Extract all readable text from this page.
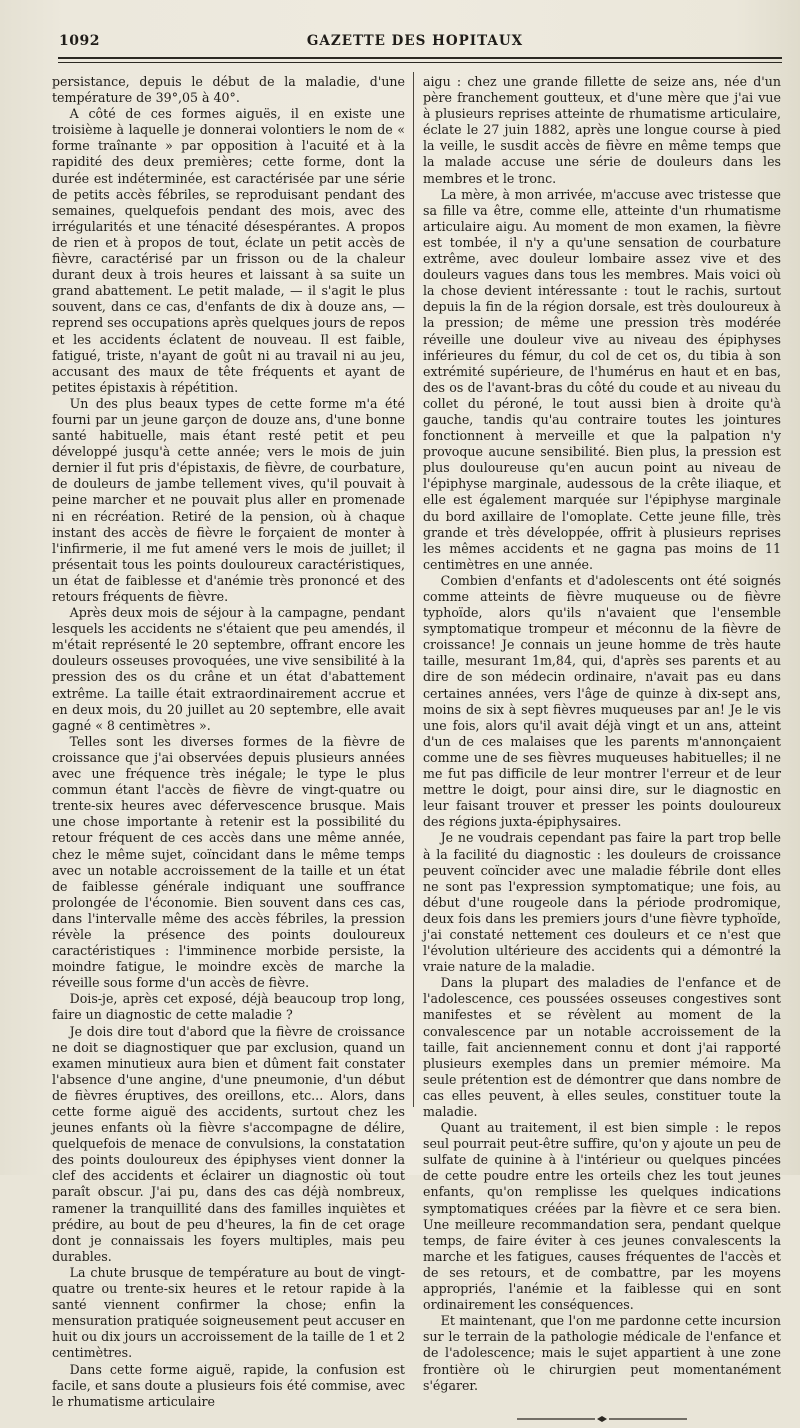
1092	GAZETTE DES HOPITAUX

persistance, depuis le début de la maladie, d'une température de 39°,05 à 40°.

A côté de ces formes aiguës, il en existe une troisième à laquelle je donnerai volontiers le nom de « forme traînante » par opposition à l'acuité et à la rapidité des deux premières; cette forme, dont la durée est indéterminée, est caractérisée par une série de petits accès fébriles, se reproduisant pendant des semaines, quelquefois pendant des mois, avec des irrégularités et une ténacité désespérantes. A propos de rien et à propos de tout, éclate un petit accès de fièvre, caractérisé par un frisson ou de la chaleur durant deux à trois heures et laissant à sa suite un grand abattement. Le petit malade, — il s'agit le plus souvent, dans ce cas, d'enfants de dix à douze ans, — reprend ses occupations après quelques jours de repos et les accidents éclatent de nouveau. Il est faible, fatigué, triste, n'ayant de goût ni au travail ni au jeu, accusant des maux de tête fréquents et ayant de petites épistaxis à répétition.

Un des plus beaux types de cette forme m'a été fourni par un jeune garçon de douze ans, d'une bonne santé habituelle, mais étant resté petit et peu développé jusqu'à cette année; vers le mois de juin dernier il fut pris d'épistaxis, de fièvre, de courbature, de douleurs de jambe tellement vives, qu'il pouvait à peine marcher et ne pouvait plus aller en promenade ni en récréation. Retiré de la pension, où à chaque instant des accès de fièvre le forçaient de monter à l'infirmerie, il me fut amené vers le mois de juillet; il présentait tous les points douloureux caractéristiques, un état de faiblesse et d'anémie très prononcé et des retours fréquents de fièvre.

Après deux mois de séjour à la campagne, pendant lesquels les accidents ne s'étaient que peu amendés, il m'était représenté le 20 septembre, offrant encore les douleurs osseuses provoquées, une vive sensibilité à la pression des os du crâne et un état d'abattement extrême. La taille était extraordinairement accrue et en deux mois, du 20 juillet au 20 septembre, elle avait gagné « 8 centimètres ».

Telles sont les diverses formes de la fièvre de croissance que j'ai observées depuis plusieurs années avec une fréquence très inégale; le type le plus commun étant l'accès de fièvre de vingt-quatre ou trente-six heures avec défervescence brusque. Mais une chose importante à retenir est la possibilité du retour fréquent de ces accès dans une même année, chez le même sujet, coïncidant dans le même temps avec un notable accroissement de la taille et un état de faiblesse générale indiquant une souffrance prolongée de l'économie. Bien souvent dans ces cas, dans l'intervalle même des accès fébriles, la pression révèle la présence des points douloureux caractéristiques : l'imminence morbide persiste, la moindre fatigue, le moindre excès de marche la réveille sous forme d'un accès de fièvre.

Dois-je, après cet exposé, déjà beaucoup trop long, faire un diagnostic de cette maladie ?

Je dois dire tout d'abord que la fièvre de croissance ne doit se diagnostiquer que par exclusion, quand un examen minutieux aura bien et dûment fait constater l'absence d'une angine, d'une pneumonie, d'un début de fièvres éruptives, des oreillons, etc... Alors, dans cette forme aiguë des accidents, surtout chez les jeunes enfants où la fièvre s'accompagne de délire, quelquefois de menace de convulsions, la constatation des points douloureux des épiphyses vient donner la clef des accidents et éclairer un diagnostic où tout paraît obscur. J'ai pu, dans des cas déjà nombreux, ramener la tranquillité dans des familles inquiètes et prédire, au bout de peu d'heures, la fin de cet orage dont je connaissais les foyers multiples, mais peu durables.

La chute brusque de température au bout de vingt-quatre ou trente-six heures et le retour rapide à la santé viennent confirmer la chose; enfin la mensuration pratiquée soigneusement peut accuser en huit ou dix jours un accroissement de la taille de 1 et 2 centimètres.

Dans cette forme aiguë, rapide, la confusion est facile, et sans doute a plusieurs fois été commise, avec le rhumatisme articulaire

aigu : chez une grande fillette de seize ans, née d'un père franchement goutteux, et d'une mère que j'ai vue à plusieurs reprises atteinte de rhumatisme articulaire, éclate le 27 juin 1882, après une longue course à pied la veille, le susdit accès de fièvre en même temps que la malade accuse une série de douleurs dans les membres et le tronc.

La mère, à mon arrivée, m'accuse avec tristesse que sa fille va être, comme elle, atteinte d'un rhumatisme articulaire aigu. Au moment de mon examen, la fièvre est tombée, il n'y a qu'une sensation de courbature extrême, avec douleur lombaire assez vive et des douleurs vagues dans tous les membres. Mais voici où la chose devient intéressante : tout le rachis, surtout depuis la fin de la région dorsale, est très douloureux à la pression; de même une pression très modérée réveille une douleur vive au niveau des épiphyses inférieures du fémur, du col de cet os, du tibia à son extrémité supérieure, de l'humérus en haut et en bas, des os de l'avant-bras du côté du coude et au niveau du collet du péroné, le tout aussi bien à droite qu'à gauche, tandis qu'au contraire toutes les jointures fonctionnent à merveille et que la palpation n'y provoque aucune sensibilité. Bien plus, la pression est plus douloureuse qu'en aucun point au niveau de l'épiphyse marginale, audessous de la crête iliaque, et elle est également marquée sur l'épiphyse marginale du bord axillaire de l'omoplate. Cette jeune fille, très grande et très développée, offrit à plusieurs reprises les mêmes accidents et ne gagna pas moins de 11 centimètres en une année.

Combien d'enfants et d'adolescents ont été soignés comme atteints de fièvre muqueuse ou de fièvre typhoïde, alors qu'ils n'avaient que l'ensemble symptomatique trompeur et méconnu de la fièvre de croissance! Je connais un jeune homme de très haute taille, mesurant 1m,84, qui, d'après ses parents et au dire de son médecin ordinaire, n'avait pas eu dans certaines années, vers l'âge de quinze à dix-sept ans, moins de six à sept fièvres muqueuses par an! Je le vis une fois, alors qu'il avait déjà vingt et un ans, atteint d'un de ces malaises que les parents m'annonçaient comme une de ses fièvres muqueuses habituelles; il ne me fut pas difficile de leur montrer l'erreur et de leur mettre le doigt, pour ainsi dire, sur le diagnostic en leur faisant trouver et presser les points douloureux des régions juxta-épiphysaires.

Je ne voudrais cependant pas faire la part trop belle à la facilité du diagnostic : les douleurs de croissance peuvent coïncider avec une maladie fébrile dont elles ne sont pas l'expression symptomatique; une fois, au début d'une rougeole dans la période prodromique, deux fois dans les premiers jours d'une fièvre typhoïde, j'ai constaté nettement ces douleurs et ce n'est que l'évolution ultérieure des accidents qui a démontré la vraie nature de la maladie.

Dans la plupart des maladies de l'enfance et de l'adolescence, ces poussées osseuses congestives sont manifestes et se révèlent au moment de la convalescence par un notable accroissement de la taille, fait anciennement connu et dont j'ai rapporté plusieurs exemples dans un premier mémoire. Ma seule prétention est de démontrer que dans nombre de cas elles peuvent, à elles seules, constituer toute la maladie.

Quant au traitement, il est bien simple : le repos seul pourrait peut-être suffire, qu'on y ajoute un peu de sulfate de quinine à à l'intérieur ou quelques pincées de cette poudre entre les orteils chez les tout jeunes enfants, qu'on remplisse les quelques indications symptomatiques créées par la fièvre et ce sera bien. Une meilleure recommandation sera, pendant quelque temps, de faire éviter à ces jeunes convalescents la marche et les fatigues, causes fréquentes de l'accès et de ses retours, et de combattre, par les moyens appropriés, l'anémie et la faiblesse qui en sont ordinairement les conséquences.

Et maintenant, que l'on me pardonne cette incursion sur le terrain de la pathologie médicale de l'enfance et de l'adolescence; mais le sujet appartient à une zone frontière où le chirurgien peut momentanément s'égarer.
